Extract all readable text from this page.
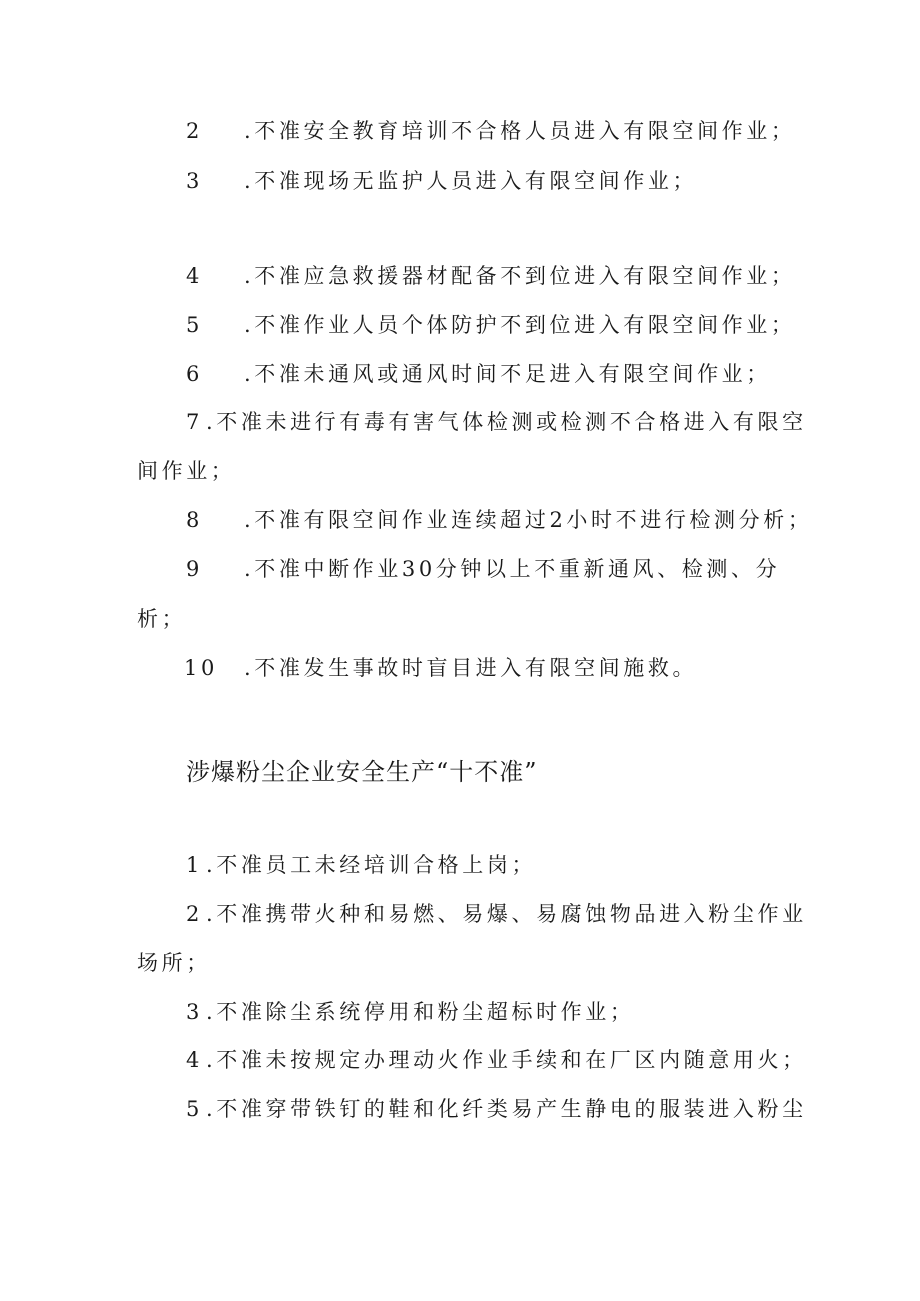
2 .不准安全教育培训不合格人员进入有限空间作业；
3 .不准现场无监护人员进入有限空间作业；
4 .不准应急救援器材配备不到位进入有限空间作业；
5 .不准作业人员个体防护不到位进入有限空间作业；
6 .不准未通风或通风时间不足进入有限空间作业；
7 .不准未进行有毒有害气体检测或检测不合格进入有限空
间作业；
8 .不准有限空间作业连续超过2小时不进行检测分析；
9 .不准中断作业30分钟以上不重新通风、检测、分
析；
10 .不准发生事故时盲目进入有限空间施救。
涉爆粉尘企业安全生产“十不准”
1 .不准员工未经培训合格上岗；
2 .不准携带火种和易燃、易爆、易腐蚀物品进入粉尘作业
场所；
3 .不准除尘系统停用和粉尘超标时作业；
4 .不准未按规定办理动火作业手续和在厂区内随意用火；
5 .不准穿带铁钉的鞋和化纤类易产生静电的服装进入粉尘
